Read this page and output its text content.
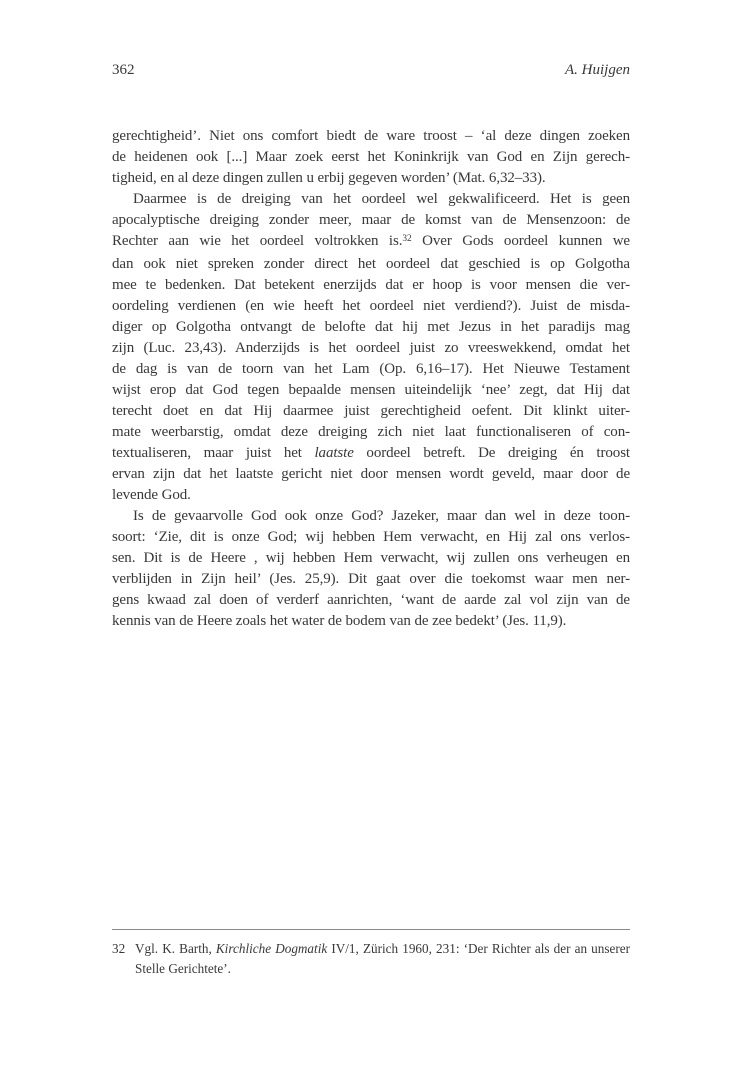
362	A. Huijgen
gerechtigheid’. Niet ons comfort biedt de ware troost – ‘al deze dingen zoeken
de heidenen ook [...] Maar zoek eerst het Koninkrijk van God en Zijn gerech-
tigheid, en al deze dingen zullen u erbij gegeven worden’ (Mat. 6,32–33).
Daarmee is de dreiging van het oordeel wel gekwalificeerd. Het is geen
apocalyptische dreiging zonder meer, maar de komst van de Mensenzoon: de
Rechter aan wie het oordeel voltrokken is.$^{32}$ Over Gods oordeel kunnen we
dan ook niet spreken zonder direct het oordeel dat geschied is op Golgotha
mee te bedenken. Dat betekent enerzijds dat er hoop is voor mensen die ver-
oordeling verdienen (en wie heeft het oordeel niet verdiend?). Juist de misda-
diger op Golgotha ontvangt de belofte dat hij met Jezus in het paradijs mag
zijn (Luc. 23,43). Anderzijds is het oordeel juist zo vreeswekkend, omdat het
de dag is van de toorn van het Lam (Op. 6,16–17). Het Nieuwe Testament
wijst erop dat God tegen bepaalde mensen uiteindelijk ‘nee’ zegt, dat Hij dat
terecht doet en dat Hij daarmee juist gerechtigheid oefent. Dit klinkt uiter-
mate weerbarstig, omdat deze dreiging zich niet laat functionaliseren of con-
textualiseren, maar juist het laatste oordeel betreft. De dreiging én troost
ervan zijn dat het laatste gericht niet door mensen wordt geveld, maar door de
levende God.
Is de gevaarvolle God ook onze God? Jazeker, maar dan wel in deze toon-
soort: ‘Zie, dit is onze God; wij hebben Hem verwacht, en Hij zal ons verlos-
sen. Dit is de Heere , wij hebben Hem verwacht, wij zullen ons verheugen en
verblijden in Zijn heil’ (Jes. 25,9). Dit gaat over die toekomst waar men ner-
gens kwaad zal doen of verderf aanrichten, ‘want de aarde zal vol zijn van de
kennis van de Heere zoals het water de bodem van de zee bedekt’ (Jes. 11,9).
32 Vgl. K. Barth, Kirchliche Dogmatik IV/1, Zürich 1960, 231: ‘Der Richter als der an unserer
Stelle Gerichtete’.
